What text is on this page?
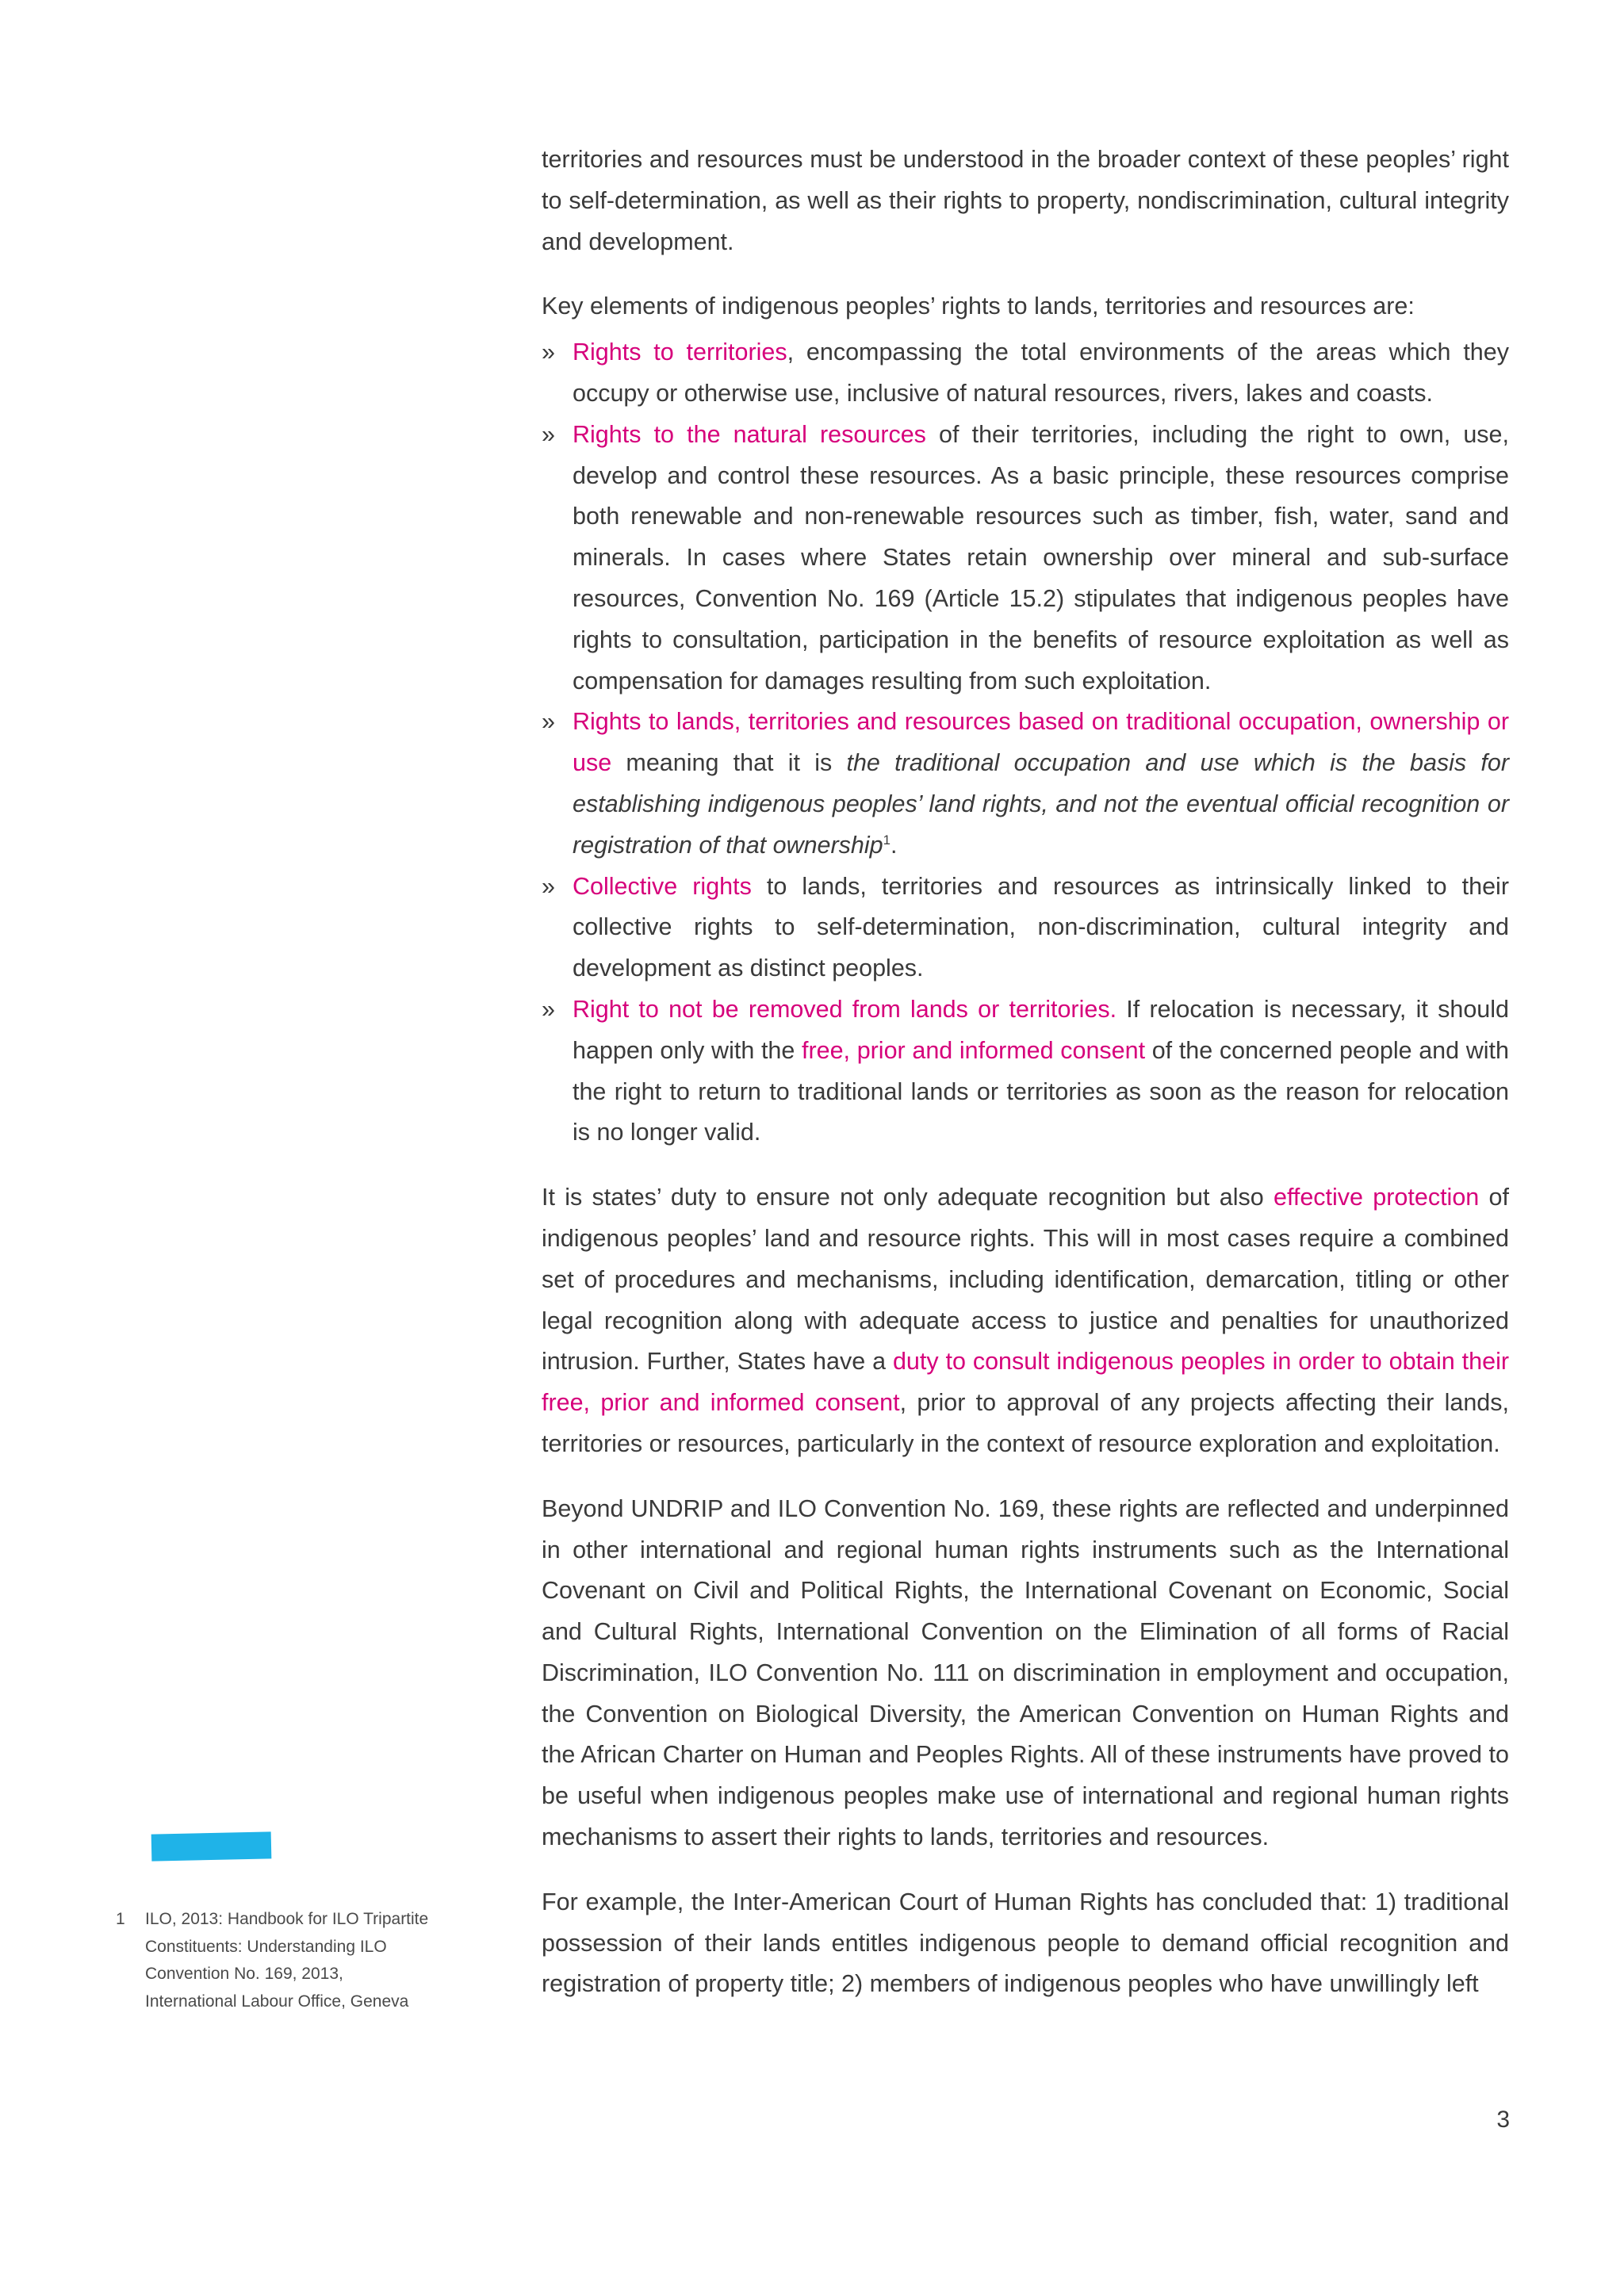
territories and resources must be understood in the broader context of these peoples’ right to self-determination, as well as their rights to property, nondiscrimination, cultural integrity and development.

Key elements of indigenous peoples’ rights to lands, territories and resources are:

» Rights to territories, encompassing the total environments of the areas which they occupy or otherwise use, inclusive of natural resources, rivers, lakes and coasts.
» Rights to the natural resources of their territories, including the right to own, use, develop and control these resources. As a basic principle, these resources comprise both renewable and non-renewable resources such as timber, fish, water, sand and minerals. In cases where States retain ownership over mineral and sub-surface resources, Convention No. 169 (Article 15.2) stipulates that indigenous peoples have rights to consultation, participation in the benefits of resource exploitation as well as compensation for damages resulting from such exploitation.
» Rights to lands, territories and resources based on traditional occupation, ownership or use meaning that it is the traditional occupation and use which is the basis for establishing indigenous peoples’ land rights, and not the eventual official recognition or registration of that ownership$^1$.
» Collective rights to lands, territories and resources as intrinsically linked to their collective rights to self-determination, non-discrimination, cultural integrity and development as distinct peoples.
» Right to not be removed from lands or territories. If relocation is necessary, it should happen only with the free, prior and informed consent of the concerned people and with the right to return to traditional lands or territories as soon as the reason for relocation is no longer valid.

It is states’ duty to ensure not only adequate recognition but also effective protection of indigenous peoples’ land and resource rights. This will in most cases require a combined set of procedures and mechanisms, including identification, demarcation, titling or other legal recognition along with adequate access to justice and penalties for unauthorized intrusion. Further, States have a duty to consult indigenous peoples in order to obtain their free, prior and informed consent, prior to approval of any projects affecting their lands, territories or resources, particularly in the context of resource exploration and exploitation.

Beyond UNDRIP and ILO Convention No. 169, these rights are reflected and underpinned in other international and regional human rights instruments such as the International Covenant on Civil and Political Rights, the International Covenant on Economic, Social and Cultural Rights, International Convention on the Elimination of all forms of Racial Discrimination, ILO Convention No. 111 on discrimination in employment and occupation, the Convention on Biological Diversity, the American Convention on Human Rights and the African Charter on Human and Peoples Rights. All of these instruments have proved to be useful when indigenous peoples make use of international and regional human rights mechanisms to assert their rights to lands, territories and resources.

For example, the Inter-American Court of Human Rights has concluded that: 1) traditional possession of their lands entitles indigenous people to demand official recognition and registration of property title; 2) members of indigenous peoples who have unwillingly left

1	ILO, 2013: Handbook for ILO Tripartite Constituents: Understanding ILO Convention No. 169, 2013, International Labour Office, Geneva
3
